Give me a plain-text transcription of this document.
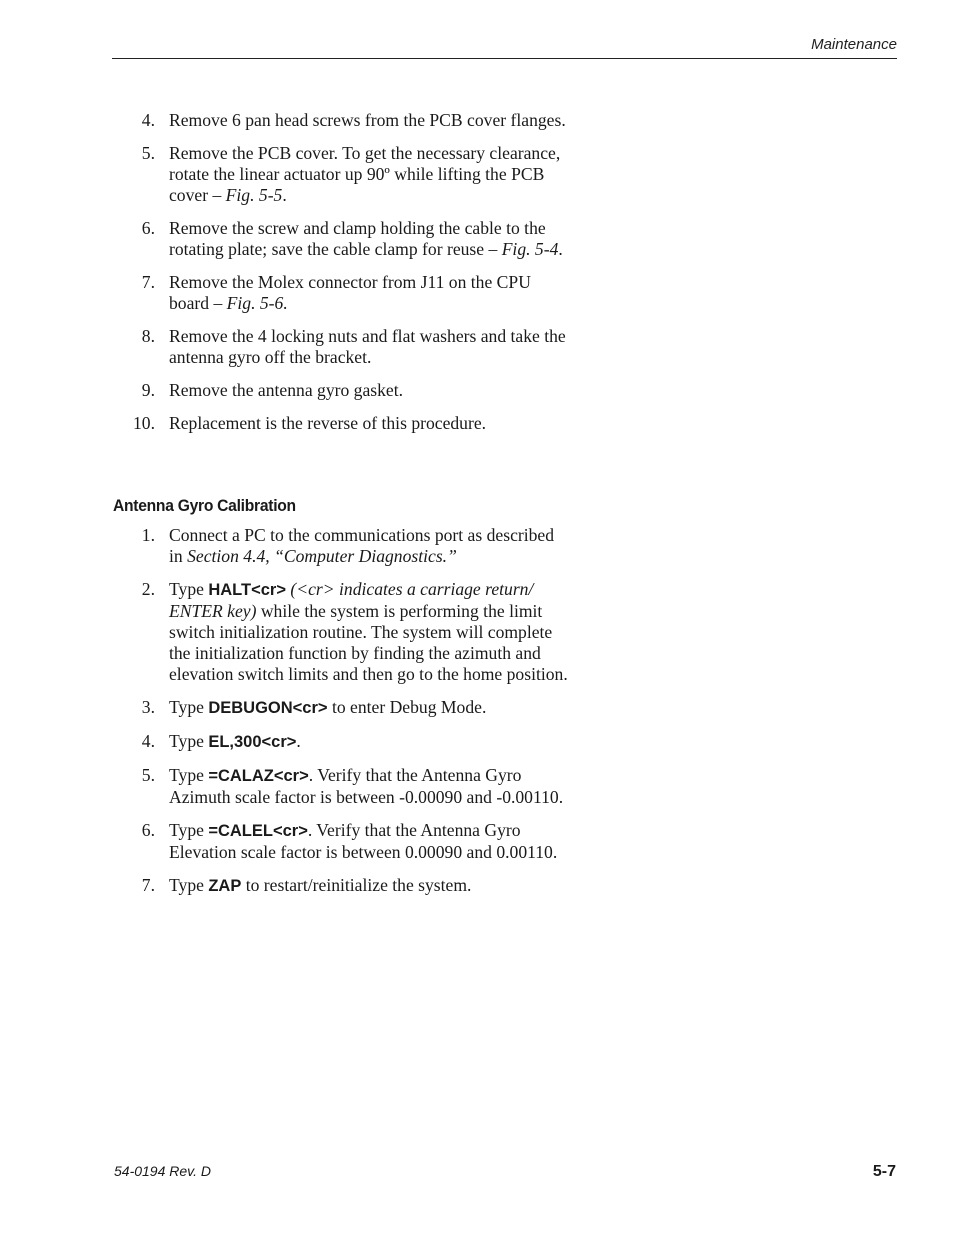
Maintenance
4. Remove 6 pan head screws from the PCB cover flanges.
5. Remove the PCB cover. To get the necessary clearance, rotate the linear actuator up 90º while lifting the PCB cover – Fig. 5-5.
6. Remove the screw and clamp holding the cable to the rotating plate; save the cable clamp for reuse – Fig. 5-4.
7. Remove the Molex connector from J11 on the CPU board – Fig. 5-6.
8. Remove the 4 locking nuts and flat washers and take the antenna gyro off the bracket.
9. Remove the antenna gyro gasket.
10. Replacement is the reverse of this procedure.
Antenna Gyro Calibration
1. Connect a PC to the communications port as described in Section 4.4, “Computer Diagnostics.”
2. Type HALT<cr> (<cr> indicates a carriage return/ ENTER key) while the system is performing the limit switch initialization routine. The system will complete the initialization function by finding the azimuth and elevation switch limits and then go to the home position.
3. Type DEBUGON<cr> to enter Debug Mode.
4. Type EL,300<cr>.
5. Type =CALAZ<cr>. Verify that the Antenna Gyro Azimuth scale factor is between -0.00090 and -0.00110.
6. Type =CALEL<cr>. Verify that the Antenna Gyro Elevation scale factor is between 0.00090 and 0.00110.
7. Type ZAP to restart/reinitialize the system.
54-0194 Rev. D	5-7
